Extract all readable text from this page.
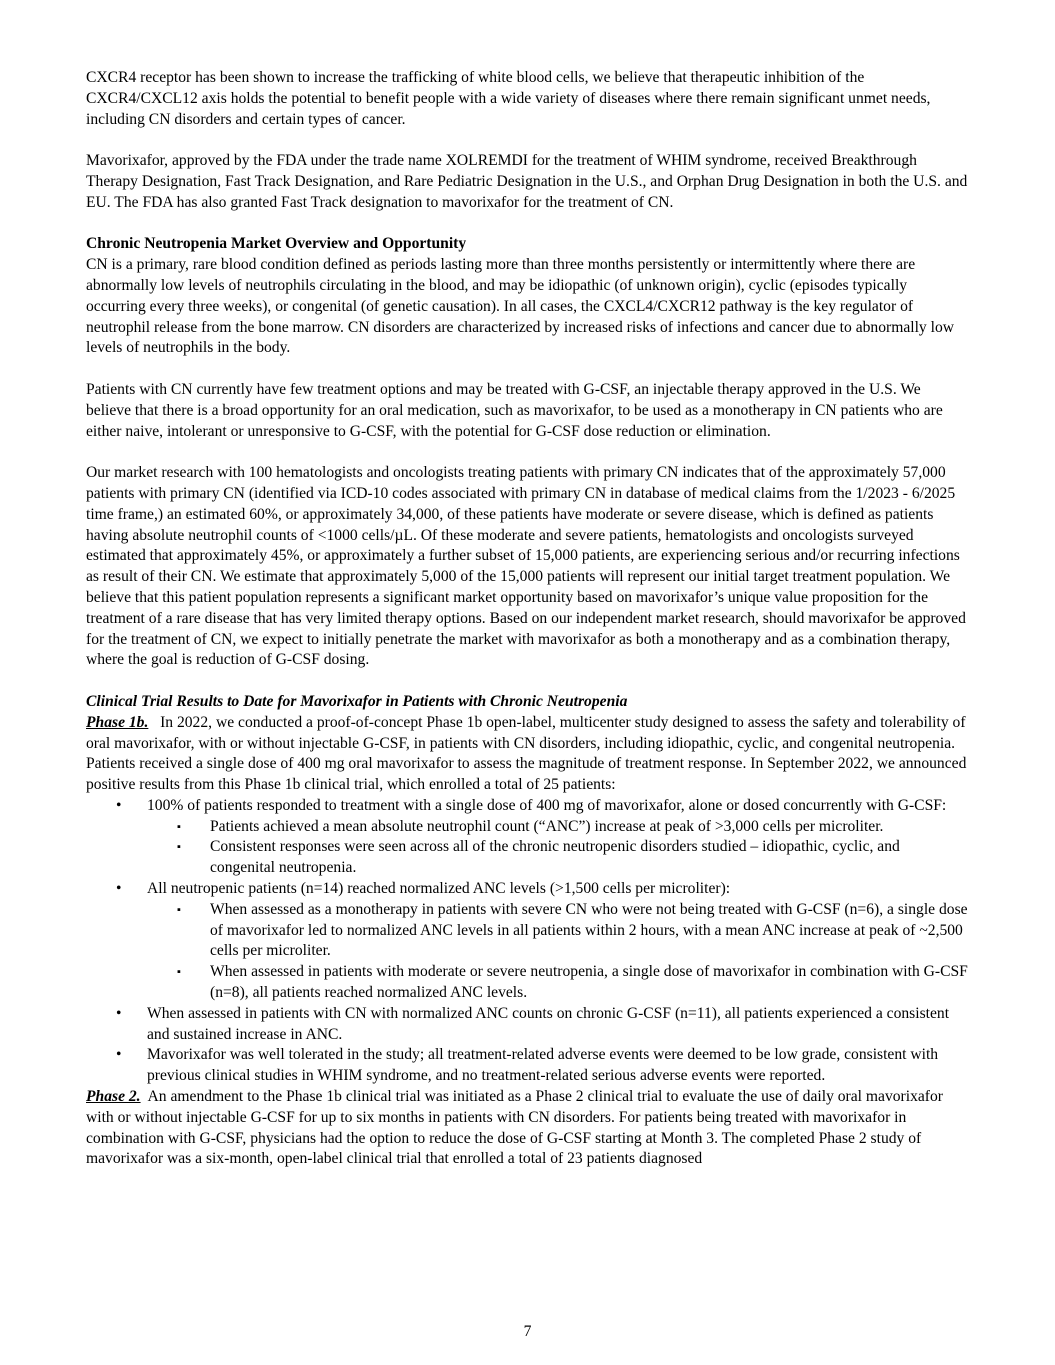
CXCR4 receptor has been shown to increase the trafficking of white blood cells, we believe that therapeutic inhibition of the CXCR4/CXCL12 axis holds the potential to benefit people with a wide variety of diseases where there remain significant unmet needs, including CN disorders and certain types of cancer.

Mavorixafor, approved by the FDA under the trade name XOLREMDI for the treatment of WHIM syndrome, received Breakthrough Therapy Designation, Fast Track Designation, and Rare Pediatric Designation in the U.S., and Orphan Drug Designation in both the U.S. and EU. The FDA has also granted Fast Track designation to mavorixafor for the treatment of CN.

Chronic Neutropenia Market Overview and Opportunity

CN is a primary, rare blood condition defined as periods lasting more than three months persistently or intermittently where there are abnormally low levels of neutrophils circulating in the blood, and may be idiopathic (of unknown origin), cyclic (episodes typically occurring every three weeks), or congenital (of genetic causation). In all cases, the CXCL4/CXCR12 pathway is the key regulator of neutrophil release from the bone marrow. CN disorders are characterized by increased risks of infections and cancer due to abnormally low levels of neutrophils in the body.

Patients with CN currently have few treatment options and may be treated with G-CSF, an injectable therapy approved in the U.S. We believe that there is a broad opportunity for an oral medication, such as mavorixafor, to be used as a monotherapy in CN patients who are either naive, intolerant or unresponsive to G-CSF, with the potential for G-CSF dose reduction or elimination.

Our market research with 100 hematologists and oncologists treating patients with primary CN indicates that of the approximately 57,000 patients with primary CN (identified via ICD-10 codes associated with primary CN in database of medical claims from the 1/2023 - 6/2025 time frame,) an estimated 60%, or approximately 34,000, of these patients have moderate or severe disease, which is defined as patients having absolute neutrophil counts of <1000 cells/µL. Of these moderate and severe patients, hematologists and oncologists surveyed estimated that approximately 45%, or approximately a further subset of 15,000 patients, are experiencing serious and/or recurring infections as result of their CN. We estimate that approximately 5,000 of the 15,000 patients will represent our initial target treatment population. We believe that this patient population represents a significant market opportunity based on mavorixafor’s unique value proposition for the treatment of a rare disease that has very limited therapy options. Based on our independent market research, should mavorixafor be approved for the treatment of CN, we expect to initially penetrate the market with mavorixafor as both a monotherapy and as a combination therapy, where the goal is reduction of G-CSF dosing.

Clinical Trial Results to Date for Mavorixafor in Patients with Chronic Neutropenia

Phase 1b. In 2022, we conducted a proof-of-concept Phase 1b open-label, multicenter study designed to assess the safety and tolerability of oral mavorixafor, with or without injectable G-CSF, in patients with CN disorders, including idiopathic, cyclic, and congenital neutropenia. Patients received a single dose of 400 mg oral mavorixafor to assess the magnitude of treatment response. In September 2022, we announced positive results from this Phase 1b clinical trial, which enrolled a total of 25 patients:

• 100% of patients responded to treatment with a single dose of 400 mg of mavorixafor, alone or dosed concurrently with G-CSF:
▪ Patients achieved a mean absolute neutrophil count (“ANC”) increase at peak of >3,000 cells per microliter.
▪ Consistent responses were seen across all of the chronic neutropenic disorders studied – idiopathic, cyclic, and congenital neutropenia.
• All neutropenic patients (n=14) reached normalized ANC levels (>1,500 cells per microliter):
▪ When assessed as a monotherapy in patients with severe CN who were not being treated with G-CSF (n=6), a single dose of mavorixafor led to normalized ANC levels in all patients within 2 hours, with a mean ANC increase at peak of ~2,500 cells per microliter.
▪ When assessed in patients with moderate or severe neutropenia, a single dose of mavorixafor in combination with G-CSF (n=8), all patients reached normalized ANC levels.
• When assessed in patients with CN with normalized ANC counts on chronic G-CSF (n=11), all patients experienced a consistent and sustained increase in ANC.
• Mavorixafor was well tolerated in the study; all treatment-related adverse events were deemed to be low grade, consistent with previous clinical studies in WHIM syndrome, and no treatment-related serious adverse events were reported.

Phase 2. An amendment to the Phase 1b clinical trial was initiated as a Phase 2 clinical trial to evaluate the use of daily oral mavorixafor with or without injectable G-CSF for up to six months in patients with CN disorders. For patients being treated with mavorixafor in combination with G-CSF, physicians had the option to reduce the dose of G-CSF starting at Month 3. The completed Phase 2 study of mavorixafor was a six-month, open-label clinical trial that enrolled a total of 23 patients diagnosed

7
